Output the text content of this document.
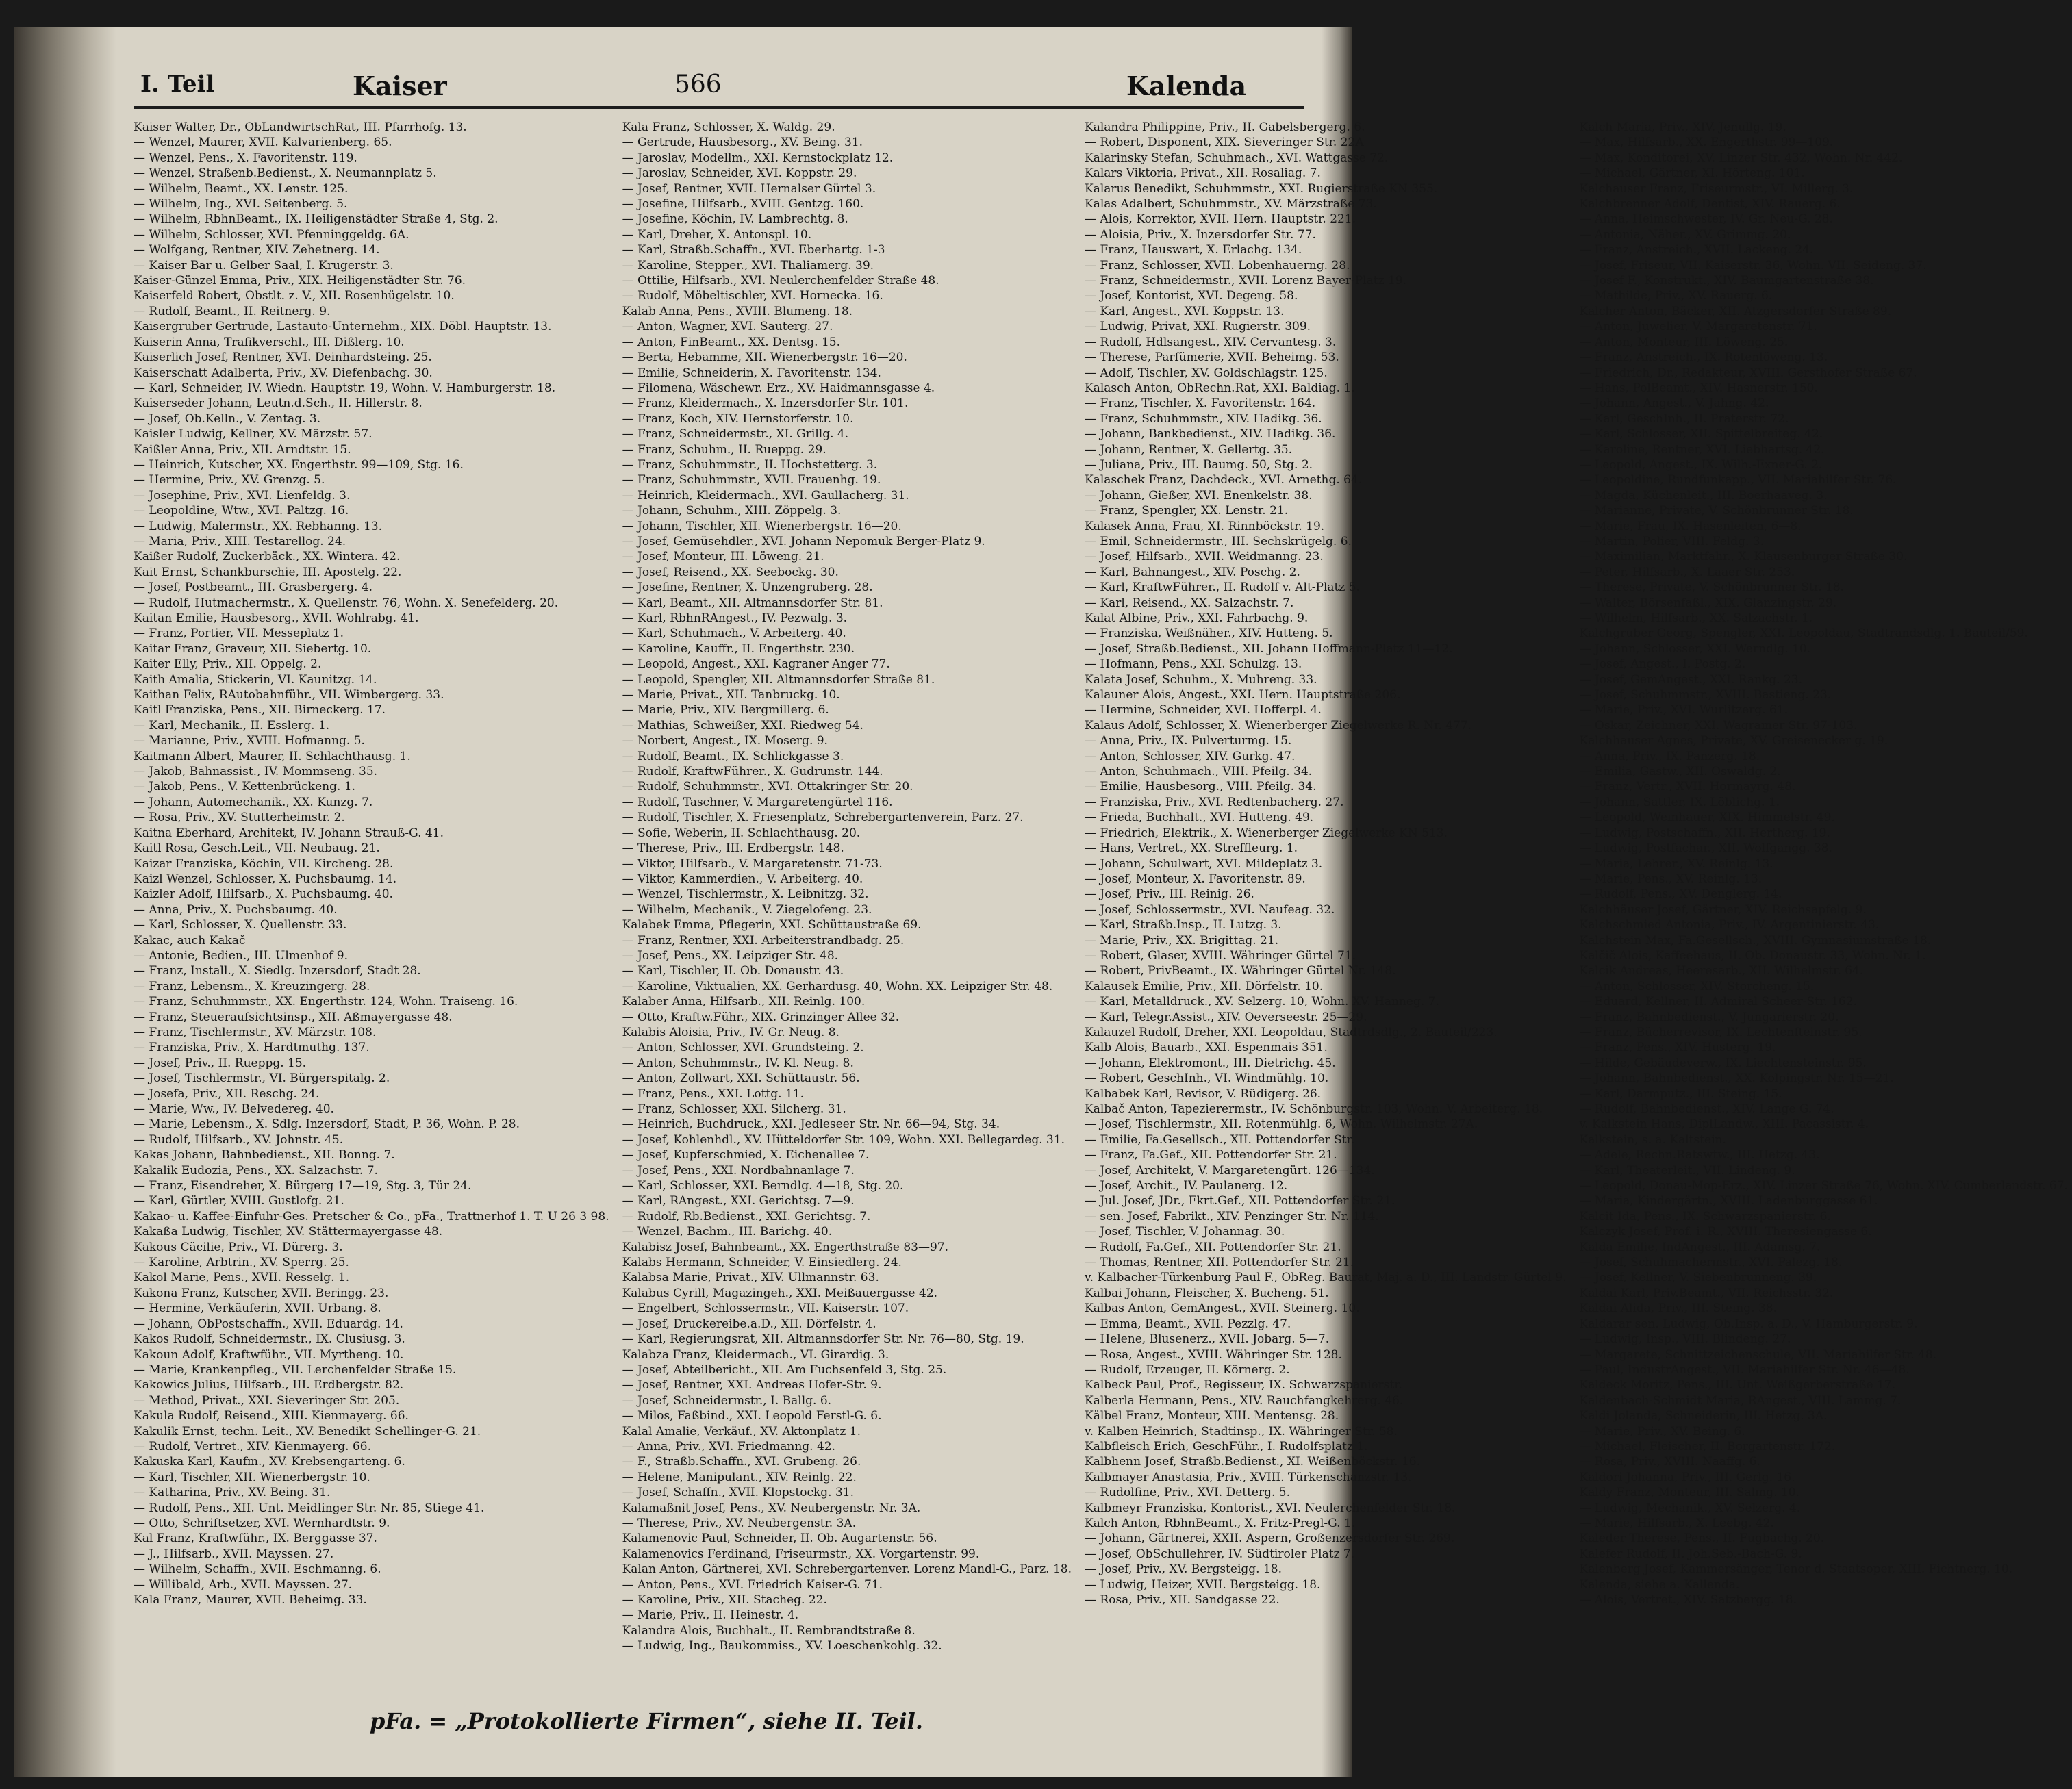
I. Teil	Kaiser	566	Kalenda
Kaiser Walter, Dr., ObLandwirtschRat, III. Pfarrhofg. 13.
— Wenzel, Maurer, XVII. Kalvarienberg. 65.
— Wenzel, Pens., X. Favoritenstr. 119.
— Wenzel, Straßenb.Bedienst., X. Neumannplatz 5.
— Wilhelm, Beamt., XX. Lenstr. 125.
— Wilhelm, Ing., XVI. Seitenberg. 5.
— Wilhelm, RbhnBeamt., IX. Heiligenstädter Straße 4, Stg. 2.
— Wilhelm, Schlosser, XVI. Pfenninggeldg. 6A.
— Wolfgang, Rentner, XIV. Zehetnerg. 14.
— Kaiser Bar u. Gelber Saal, I. Krugerstr. 3.
Kaiser-Günzel Emma, Priv., XIX. Heiligenstädter Str. 76.
Kaiserfeld Robert, Obstlt. z. V., XII. Rosenhügelstr. 10.
— Rudolf, Beamt., II. Reitnerg. 9.
Kaisergruber Gertrude, Lastauto-Unternehm., XIX. Döbl. Hauptstr. 13.
Kaiserin Anna, Trafikverschl., III. Dißlerg. 10.
Kaiserlich Josef, Rentner, XVI. Deinhardsteing. 25.
Kaiserschatt Adalberta, Priv., XV. Diefenbachg. 30.
— Karl, Schneider, IV. Wiedn. Hauptstr. 19, Wohn. V. Hamburgerstr. 18.
Kaiserseder Johann, Leutn.d.Sch., II. Hillerstr. 8.
— Josef, Ob.Kelln., V. Zentag. 3.
Kaisler Ludwig, Kellner, XV. Märzstr. 57.
Kaißler Anna, Priv., XII. Arndtstr. 15.
— Heinrich, Kutscher, XX. Engerthstr. 99—109, Stg. 16.
— Hermine, Priv., XV. Grenzg. 5.
— Josephine, Priv., XVI. Lienfeldg. 3.
— Leopoldine, Wtw., XVI. Paltzg. 16.
— Ludwig, Malermstr., XX. Rebhanng. 13.
— Maria, Priv., XIII. Testarellog. 24.
Kaißer Rudolf, Zuckerbäck., XX. Wintera. 42.
Kait Ernst, Schankburschie, III. Apostelg. 22.
— Josef, Postbeamt., III. Grasbergerg. 4.
— Rudolf, Hutmachermstr., X. Quellenstr. 76, Wohn. X. Senefelderg. 20.
Kaitan Emilie, Hausbesorg., XVII. Wohlrabg. 41.
— Franz, Portier, VII. Messeplatz 1.
Kaitar Franz, Graveur, XII. Siebertg. 10.
Kaiter Elly, Priv., XII. Oppelg. 2.
Kaith Amalia, Stickerin, VI. Kaunitzg. 14.
Kaithan Felix, RAutobahnführ., VII. Wimbergerg. 33.
Kaitl Franziska, Pens., XII. Birneckerg. 17.
— Karl, Mechanik., II. Esslerg. 1.
— Marianne, Priv., XVIII. Hofmanng. 5.
Kaitmann Albert, Maurer, II. Schlachthausg. 1.
— Jakob, Bahnassist., IV. Mommseng. 35.
— Jakob, Pens., V. Kettenbrückeng. 1.
— Johann, Automechanik., XX. Kunzg. 7.
— Rosa, Priv., XV. Stutterheimstr. 2.
Kaitna Eberhard, Architekt, IV. Johann Strauß-G. 41.
Kaitl Rosa, Gesch.Leit., VII. Neubaug. 21.
Kaizar Franziska, Köchin, VII. Kircheng. 28.
Kaizl Wenzel, Schlosser, X. Puchsbaumg. 14.
Kaizler Adolf, Hilfsarb., X. Puchsbaumg. 40.
— Anna, Priv., X. Puchsbaumg. 40.
— Karl, Schlosser, X. Quellenstr. 33.
Kakac, auch Kakač
— Antonie, Bedien., III. Ulmenhof 9.
— Franz, Install., X. Siedlg. Inzersdorf, Stadt 28.
— Franz, Lebensm., X. Kreuzingerg. 28.
— Franz, Schuhmmstr., XX. Engerthstr. 124, Wohn. Traiseng. 16.
— Franz, Steueraufsichtsinsp., XII. Aßmayergasse 48.
— Franz, Tischlermstr., XV. Märzstr. 108.
— Franziska, Priv., X. Hardtmuthg. 137.
— Josef, Priv., II. Rueppg. 15.
— Josef, Tischlermstr., VI. Bürgerspitalg. 2.
— Josefa, Priv., XII. Reschg. 24.
— Marie, Ww., IV. Belvedereg. 40.
— Marie, Lebensm., X. Sdlg. Inzersdorf, Stadt, P. 36, Wohn. P. 28.
— Rudolf, Hilfsarb., XV. Johnstr. 45.
Kakas Johann, Bahnbedienst., XII. Bonng. 7.
Kakalik Eudozia, Pens., XX. Salzachstr. 7.
— Franz, Eisendreher, X. Bürgerg 17—19, Stg. 3, Tür 24.
— Karl, Gürtler, XVIII. Gustlofg. 21.
Kakao- u. Kaffee-Einfuhr-Ges. Pretscher & Co., pFa., Trattnerhof 1. T. U 26 3 98.
Kakaßa Ludwig, Tischler, XV. Stättermayergasse 48.
Kakous Cäcilie, Priv., VI. Dürerg. 3.
— Karoline, Arbtrin., XV. Sperrg. 25.
Kakol Marie, Pens., XVII. Resselg. 1.
Kakona Franz, Kutscher, XVII. Beringg. 23.
— Hermine, Verkäuferin, XVII. Urbang. 8.
— Johann, ObPostschaffn., XVII. Eduardg. 14.
Kakos Rudolf, Schneidermstr., IX. Clusiusg. 3.
Kakoun Adolf, Kraftwführ., VII. Myrtheng. 10.
— Marie, Krankenpfleg., VII. Lerchenfelder Straße 15.
Kakowics Julius, Hilfsarb., III. Erdbergstr. 82.
— Method, Privat., XXI. Sieveringer Str. 205.
Kakula Rudolf, Reisend., XIII. Kienmayerg. 66.
Kakulik Ernst, techn. Leit., XV. Benedikt Schellinger-G. 21.
— Rudolf, Vertret., XIV. Kienmayerg. 66.
Kakuska Karl, Kaufm., XV. Krebsengarteng. 6.
— Karl, Tischler, XII. Wienerbergstr. 10.
— Katharina, Priv., XV. Being. 31.
— Rudolf, Pens., XII. Unt. Meidlinger Str. Nr. 85, Stiege 41.
— Otto, Schriftsetzer, XVI. Wernhardtstr. 9.
Kal Franz, Kraftwführ., IX. Berggasse 37.
— J., Hilfsarb., XVII. Mayssen. 27.
— Wilhelm, Schaffn., XVII. Eschmanng. 6.
— Willibald, Arb., XVII. Mayssen. 27.
Kala Franz, Maurer, XVII. Beheimg. 33.
Kala Franz, Schlosser, X. Waldg. 29.
— Gertrude, Hausbesorg., XV. Being. 31.
— Jaroslav, Modellm., XXI. Kernstockplatz 12.
— Jaroslav, Schneider, XVI. Koppstr. 29.
— Josef, Rentner, XVII. Hernalser Gürtel 3.
— Josefine, Hilfsarb., XVIII. Gentzg. 160.
— Josefine, Köchin, IV. Lambrechtg. 8.
— Karl, Dreher, X. Antonspl. 10.
— Karl, Straßb.Schaffn., XVI. Eberhartg. 1-3
— Karoline, Stepper., XVI. Thaliamerg. 39.
— Ottilie, Hilfsarb., XVI. Neulerchenfelder Straße 48.
— Rudolf, Möbeltischler, XVI. Hornecka. 16.
Kalab Anna, Pens., XVIII. Blumeng. 18.
— Anton, Wagner, XVI. Sauterg. 27.
— Anton, FinBeamt., XX. Dentsg. 15.
— Berta, Hebamme, XII. Wienerbergstr. 16—20.
— Emilie, Schneiderin, X. Favoritenstr. 134.
— Filomena, Wäschewr. Erz., XV. Haidmannsgasse 4.
— Franz, Kleidermach., X. Inzersdorfer Str. 101.
— Franz, Koch, XIV. Hernstorferstr. 10.
— Franz, Schneidermstr., XI. Grillg. 4.
— Franz, Schuhm., II. Rueppg. 29.
— Franz, Schuhmmstr., II. Hochstetterg. 3.
— Franz, Schuhmmstr., XVII. Frauenhg. 19.
— Heinrich, Kleidermach., XVI. Gaullacherg. 31.
— Johann, Schuhm., XIII. Zöppelg. 3.
— Johann, Tischler, XII. Wienerbergstr. 16—20.
— Josef, Gemüsehdler., XVI. Johann Nepomuk Berger-Platz 9.
— Josef, Monteur, III. Löweng. 21.
— Josef, Reisend., XX. Seebockg. 30.
— Josefine, Rentner, X. Unzengruberg. 28.
— Karl, Beamt., XII. Altmannsdorfer Str. 81.
— Karl, RbhnRAngest., IV. Pezwalg. 3.
— Karl, Schuhmach., V. Arbeiterg. 40.
— Karoline, Kauffr., II. Engerthstr. 230.
— Leopold, Angest., XXI. Kagraner Anger 77.
— Leopold, Spengler, XII. Altmannsdorfer Straße 81.
— Marie, Privat., XII. Tanbruckg. 10.
— Marie, Priv., XIV. Bergmillerg. 6.
— Mathias, Schweißer, XXI. Riedweg 54.
— Norbert, Angest., IX. Moserg. 9.
— Rudolf, Beamt., IX. Schlickgasse 3.
— Rudolf, KraftwFührer., X. Gudrunstr. 144.
— Rudolf, Schuhmmstr., XVI. Ottakringer Str. 20.
— Rudolf, Taschner, V. Margaretengürtel 116.
— Rudolf, Tischler, X. Friesenplatz, Schrebergartenverein, Parz. 27.
— Sofie, Weberin, II. Schlachthausg. 20.
— Therese, Priv., III. Erdbergstr. 148.
— Viktor, Hilfsarb., V. Margaretenstr. 71-73.
— Viktor, Kammerdien., V. Arbeiterg. 40.
— Wenzel, Tischlermstr., X. Leibnitzg. 32.
— Wilhelm, Mechanik., V. Ziegelofeng. 23.
Kalabek Emma, Pflegerin, XXI. Schüttaustraße 69.
— Franz, Rentner, XXI. Arbeiterstrandbadg. 25.
— Josef, Pens., XX. Leipziger Str. 48.
— Karl, Tischler, II. Ob. Donaustr. 43.
— Karoline, Viktualien, XX. Gerhardusg. 40, Wohn. XX. Leipziger Str. 48.
Kalaber Anna, Hilfsarb., XII. Reinlg. 100.
— Otto, Kraftw.Führ., XIX. Grinzinger Allee 32.
Kalabis Aloisia, Priv., IV. Gr. Neug. 8.
— Anton, Schlosser, XVI. Grundsteing. 2.
— Anton, Schuhmmstr., IV. Kl. Neug. 8.
— Anton, Zollwart, XXI. Schüttaustr. 56.
— Franz, Pens., XXI. Lottg. 11.
— Franz, Schlosser, XXI. Silcherg. 31.
— Heinrich, Buchdruck., XXI. Jedleseer Str. Nr. 66—94, Stg. 34.
— Josef, Kohlenhdl., XV. Hütteldorfer Str. 109, Wohn. XXI. Bellegardeg. 31.
— Josef, Kupferschmied, X. Eichenallee 7.
— Josef, Pens., XXI. Nordbahnanlage 7.
— Karl, Schlosser, XXI. Berndlg. 4—18, Stg. 20.
— Karl, RAngest., XXI. Gerichtsg. 7—9.
— Rudolf, Rb.Bedienst., XXI. Gerichtsg. 7.
— Wenzel, Bachm., III. Barichg. 40.
Kalabisz Josef, Bahnbeamt., XX. Engerthstraße 83—97.
Kalabs Hermann, Schneider, V. Einsiedlerg. 24.
Kalabsa Marie, Privat., XIV. Ullmannstr. 63.
Kalabus Cyrill, Magazingeh., XXI. Meißauergasse 42.
— Engelbert, Schlossermstr., VII. Kaiserstr. 107.
— Josef, Druckereibe.a.D., XII. Dörfelstr. 4.
— Karl, Regierungsrat, XII. Altmannsdorfer Str. Nr. 76—80, Stg. 19.
Kalabza Franz, Kleidermach., VI. Girardig. 3.
— Josef, Abteilbericht., XII. Am Fuchsenfeld 3, Stg. 25.
— Josef, Rentner, XXI. Andreas Hofer-Str. 9.
— Josef, Schneidermstr., I. Ballg. 6.
— Milos, Faßbind., XXI. Leopold Ferstl-G. 6.
Kalal Amalie, Verkäuf., XV. Aktonplatz 1.
— Anna, Priv., XVI. Friedmanng. 42.
— F., Straßb.Schaffn., XVI. Grubeng. 26.
— Helene, Manipulant., XIV. Reinlg. 22.
— Josef, Schaffn., XVII. Klopstockg. 31.
Kalamaßnit Josef, Pens., XV. Neubergenstr. Nr. 3A.
— Therese, Priv., XV. Neubergenstr. 3A.
Kalamenovic Paul, Schneider, II. Ob. Augartenstr. 56.
Kalamenovics Ferdinand, Friseurmstr., XX. Vorgartenstr. 99.
Kalan Anton, Gärtnerei, XVI. Schrebergartenver. Lorenz Mandl-G., Parz. 18.
— Anton, Pens., XVI. Friedrich Kaiser-G. 71.
— Karoline, Priv., XII. Stacheg. 22.
— Marie, Priv., II. Heinestr. 4.
Kalandra Alois, Buchhalt., II. Rembrandtstraße 8.
— Ludwig, Ing., Baukommiss., XV. Loeschenkohlg. 32.
Kalandra Philippine, Priv., II. Gabelsbergerg. 6.
— Robert, Disponent, XIX. Sieveringer Str. 22A
Kalarinsky Stefan, Schuhmach., XVI. Wattgasse 72.
Kalars Viktoria, Privat., XII. Rosaliag. 7.
Kalarus Benedikt, Schuhmmstr., XXI. Rugierstraße KN 355.
Kalas Adalbert, Schuhmmstr., XV. Märzstraße 73.
— Alois, Korrektor, XVII. Hern. Hauptstr. 221.
— Aloisia, Priv., X. Inzersdorfer Str. 77.
— Franz, Hauswart, X. Erlachg. 134.
— Franz, Schlosser, XVII. Lobenhauerng. 28.
— Franz, Schneidermstr., XVII. Lorenz Bayer-Platz 19.
— Josef, Kontorist, XVI. Degeng. 58.
— Karl, Angest., XVI. Koppstr. 13.
— Ludwig, Privat, XXI. Rugierstr. 309.
— Rudolf, Hdlsangest., XIV. Cervantesg. 3.
— Therese, Parfümerie, XVII. Beheimg. 53.
— Adolf, Tischler, XV. Goldschlagstr. 125.
Kalasch Anton, ObRechn.Rat, XXI. Baldiag. 1.
— Franz, Tischler, X. Favoritenstr. 164.
— Franz, Schuhmmstr., XIV. Hadikg. 36.
— Johann, Bankbedienst., XIV. Hadikg. 36.
— Johann, Rentner, X. Gellertg. 35.
— Juliana, Priv., III. Baumg. 50, Stg. 2.
Kalaschek Franz, Dachdeck., XVI. Arnethg. 64.
— Johann, Gießer, XVI. Enenkelstr. 38.
— Franz, Spengler, XX. Lenstr. 21.
Kalasek Anna, Frau, XI. Rinnböckstr. 19.
— Emil, Schneidermstr., III. Sechskrügelg. 6.
— Josef, Hilfsarb., XVII. Weidmanng. 23.
— Karl, Bahnangest., XIV. Poschg. 2.
— Karl, KraftwFührer., II. Rudolf v. Alt-Platz 5.
— Karl, Reisend., XX. Salzachstr. 7.
Kalat Albine, Priv., XXI. Fahrbachg. 9.
— Franziska, Weißnäher., XIV. Hutteng. 5.
— Josef, Straßb.Bedienst., XII. Johann Hoffmann-Platz 11—12.
— Hofmann, Pens., XXI. Schulzg. 13.
Kalata Josef, Schuhm., X. Muhreng. 33.
Kalauner Alois, Angest., XXI. Hern. Hauptstraße 206.
— Hermine, Schneider, XVI. Hofferpl. 4.
Kalaus Adolf, Schlosser, X. Wienerberger Ziegelwerke R. Nr. 477.
— Anna, Priv., IX. Pulverturmg. 15.
— Anton, Schlosser, XIV. Gurkg. 47.
— Anton, Schuhmach., VIII. Pfeilg. 34.
— Emilie, Hausbesorg., VIII. Pfeilg. 34.
— Franziska, Priv., XVI. Redtenbacherg. 27.
— Frieda, Buchhalt., XVI. Hutteng. 49.
— Friedrich, Elektrik., X. Wienerberger Ziegelwerke KN 513.
— Hans, Vertret., XX. Streffleurg. 1.
— Johann, Schulwart, XVI. Mildeplatz 3.
— Josef, Monteur, X. Favoritenstr. 89.
— Josef, Priv., III. Reinig. 26.
— Josef, Schlossermstr., XVI. Naufeag. 32.
— Karl, Straßb.Insp., II. Lutzg. 3.
— Marie, Priv., XX. Brigittag. 21.
— Robert, Glaser, XVIII. Währinger Gürtel 71.
— Robert, PrivBeamt., IX. Währinger Gürtel Nr. 148.
Kalausek Emilie, Priv., XII. Dörfelstr. 10.
— Karl, Metalldruck., XV. Selzerg. 10, Wohn. XV. Hanneg. 7.
— Karl, Telegr.Assist., XIV. Oeverseestr. 25—29.
Kalauzel Rudolf, Dreher, XXI. Leopoldau, Stadtrdsdlg., 2. Bauteil/223.
Kalb Alois, Bauarb., XXI. Espenmais 351.
— Johann, Elektromont., III. Dietrichg. 45.
— Robert, GeschInh., VI. Windmühlg. 10.
Kalbabek Karl, Revisor, V. Rüdigerg. 26.
Kalbač Anton, Tapezierermstr., IV. Schönburgstr. 103, Wohn. V. Arbeiterg. 18.
— Josef, Tischlermstr., XII. Rotenmühlg. 6, Wohn. Wilhelmstr. 27A.
— Emilie, Fa.Gesellsch., XII. Pottendorfer Str.
— Franz, Fa.Gef., XII. Pottendorfer Str. 21.
— Josef, Architekt, V. Margaretengürt. 126—134.
— Josef, Archit., IV. Paulanerg. 12.
— Jul. Josef, JDr., Fkrt.Gef., XII. Pottendorfer Str. 21.
— sen. Josef, Fabrikt., XIV. Penzinger Str. Nr. 114.
— Josef, Tischler, V. Johannag. 30.
— Rudolf, Fa.Gef., XII. Pottendorfer Str. 21.
— Thomas, Rentner, XII. Pottendorfer Str. 21.
v. Kalbacher-Türkenburg Paul F., ObReg. Baurat, Maj. a. D., III. Landstr. Gürtel 9.
Kalbai Johann, Fleischer, X. Bucheng. 51.
Kalbas Anton, GemAngest., XVII. Steinerg. 10.
— Emma, Beamt., XVII. Pezzlg. 47.
— Helene, Blusenerz., XVII. Jobarg. 5—7.
— Rosa, Angest., XVIII. Währinger Str. 128.
— Rudolf, Erzeuger, II. Körnerg. 2.
Kalbeck Paul, Prof., Regisseur, IX. Schwarzspanierstr.
Kalberla Hermann, Pens., XIV. Rauchfangkehrerg. 46.
Kälbel Franz, Monteur, XIII. Mentensg. 28.
v. Kalben Heinrich, Stadtinsp., IX. Währinger Str. 58.
Kalbfleisch Erich, GeschFühr., I. Rudolfsplatz 1.
Kalbhenn Josef, Straßb.Bedienst., XI. Weißenböckstr. 16.
Kalbmayer Anastasia, Priv., XVIII. Türkenschanzstr. 13.
— Rudolfine, Priv., XVI. Detterg. 5.
Kalbmeyr Franziska, Kontorist., XVI. Neulerchenfelder Str. 18.
Kalch Anton, RbhnBeamt., X. Fritz-Pregl-G. 1.
— Johann, Gärtnerei, XXII. Aspern, Großenzersdorfer Str. 269.
— Josef, ObSchullehrer, IV. Südtiroler Platz 7.
— Josef, Priv., XV. Bergsteigg. 18.
— Ludwig, Heizer, XVII. Bergsteigg. 18.
— Rosa, Priv., XII. Sandgasse 22.
Kalch Maria, Priv., XIV. Jenullg. 19.
— Max, Hilfsarb., XX. Engerthstr. 99—109.
— Max, Konditorei, XV. Linzer Str. 432, Wohn. Nr. 442.
— Michael, Gärtner, XI. Hörteng. 101.
Kalchauser Franz, Friseurmstr., VI. Millerg. 3.
Kalchbrenner Adolf, Dentist, XIV. Rauerg. 6.
— Anna, Heimschwester, IV. Gr. Neu-G. 28.
— Antonia, Näher., XV. Grimmg. 20.
— Franz, Anstreich., XVII. Lackeng. 24.
— Josef, Friseur, VII. Kaiserstr. 36, Wohn. VII. Seideng. 37.
— Josef F., Konstrukt., XIV. Baumgartenstraße 38.
— Mathilde, Priv., XV. Rauerg. 6.
Kalcher Anton, Bäcker, XII. Atzgersdorfer Straße 89.
— Anton, Juwelier, V. Margaretenstr. 71.
— Anton, Monteur, III. Löweng. 25.
— Franz, Anstreich., IX. Rotenlöweng. 13.
— Friedrich, Dr., Redakteur, XVIII. Gersthofer Straße 67.
— Hans, PolBeamt., XIV. Hasnerstr. 150.
— Johann, Angest., V. Jahng. 42.
— Karl, GeschInh., II. Praterstr. 72.
— Karl, Schlosser, XII. Spittelbreiteg. 42.
— Karoline, Rentner, XVI. Liebhartsg. 42.
— Leopold, Angest., IX. Wilh.-Exner-G. 2.
— Leopoldine, Rundfunkapp., VII. Mariahilfer Str. 76.
— Magda, Küchenleit., III. Boerhaaveg. 3.
— Marianne, Private, V. Schönbrunner Str. 18.
— Marie, Frau, IX. Hasenleiten, 6—8.
— Martin, Polier, VIII. Feldg. 3.
— Maximilian, Marktfahr., X. Klausenburger Straße 30.
— Peter, Hilfsarb., X. Laaer Str. 253.
— Therese, Private, V. Schönbrunner Str. 18.
— Walter, Börsenfaßl., XIX. Glanzingstr. 29.
— Wilhelm, Hilfsarb., XX. Salzachstr. 1.
Kalchgruber Georg, Spengler, XXI. Leopoldau, Stadtrandsdlg. 1. Bauteil/59.
— Johann, Schlosser, XXI. Werndlg. 10.
— Josef, Angest., I. Postg. 2.
— Josef, GemAngest., XXI. Rankg. 23.
— Josef, Schuhmmstr., XVIII. Bastieng. 23.
— Marie, Priv., XVI. Wurlitzerg. 61.
— Oskar, Zeichner, XXI. Wagramer Str. 97-103.
Kalchhauser Agnes, Private, XV. Greisenecker g. 19.
— Anna, Priv., IX. Panzerg. 18.
— Emilia, Gastw., XII. Oswaldg. 2.
— Franz, Vertr., XVII. Hormayrg. 48.
— Johann, Sattler, IX. Löblichg. 1.
— Leopold, Weinhauer, XIX. Himmelstr. 49.
— Ludwig, Postschaffn., XII. Hertherg. 19.
— Ludwig, Postfachar., XII. Wolfgangg. 38.
— Maria, Lehrer., XV. Reinlg. 13.
— Marie, Pens., XV. Reinlg. 13.
— Rudolf, Pens., XV. Denglerg. 14.
Kalchhäuser Josef, Gärtner, XIV. Reichsapfelg. 9.
Kalchschmied Antonia, Priv., IV. Argentinierstr. 43.
Kalchstein Max, Fa.Gesellsch., XVIII. Gymnasiumstraße 18.
Kalčič Alois, Kaffeehaus, II. Ob. Donaustr. 33, Wohn. Nr. 1.
Kalcik Andreas, Heeresarb., XII. Wilhelmstr. 64.
— Anton, Schlosser, XIV. Storcheng. 15.
— Eduard, Kellner, II. Admiral Scheer-Str. 162.
— Franz, Bahnbedienst., V. Jungarierstr. 20.
— Franz, Bücherrevisor, IX. Lechtenfteinstr. 95.
— Franz, Pens., XIV. Husterg. 19.
— Hilde, Gebäudeverw., IX. Liechtensteinstr. 95.
— Johann, Bahnbedienst., XX. Kolpingstr. Nr. 15—21.
— Karl, Darmputz., III. Steing. 15.
— Rudolf, Bahnbedienst., XIV. Lange G. 74.
v. Kalkstein Hans, DiplLandw., XIII. Pacassistr. 4.
Kalkstein, s. a. Kaltstein.
— Adele, Rechn.Ratswtw., III. Hetzg. 43.
— Karl, Theaterleit., VII. Lindeng. 9.
— Leopold, Donau-Mop-Erz., XIV. Linzer Straße 76, Wohn. XIV. Cumberlandstr. 67.
— Maria, Kindergärtn., XVIII. Ladenburggasse 61.
Kalcit Ida, Pens., IX. Schwarzspanierstr. 6.
Kalczyk Josef, Prof. i. R., XVIII. Theresiengasse 6.
Kalda Emilie, IndAngest., III. Adamsg. 7.
— Josef, Schuhmachermstr., XVI. Palezg. 18.
— Josef, Kellner, V. Siebenbrunneng. 39.
Kaldai Karl, Priv.Beamt., VII. Reichsstr. 32.
Kaldai Alida, Priv., III. Steing. 38.
Kaldarar sen. Ludwig, Ob.Insp. a. D., V. Hamburgerstr. 9.
— Ludwig, Insp., VIII. Blindeng. 27.
— Margarete, Schnittzeichenschule, VII. Mariahilfer Str. 48.
— Paul, IndustrAngest., VII. Mariahilfer Str. Nr. 46—48.
Kaldeck Moritz, Pens., III. Unt. Weißgerberstraße 17.
Kaldenbach-Schmidt Maria, RAngest., VIII. Lammg. 7.
Kaldi Jolanda, Schneiderin, III. Hetzg. 3A.
— Marie, Priv., XV. Being. 6.
— Michael, Fleischer, II. Borgartenstr. 172.
— Rosa, Priv., XVIII. Naaffg. 6.
Kaldori Johanna, Priv., III. Gerlg. 16.
Kaldy Franz, Monteur, III. Salmg. 10.
— Ludwig, Mechanik., XV. Selzerg. 4.
— Marie, Hilfsarb., X. Leebg. 42.
Kaleder Therese, Pens., II. Fugbachg. 20.
Kalefer Rudolf, II. Joh.Seb.-Bach-G. 9.
Kalenberg Josef, Kammersänger, Tenor d. Staatsoper, XIII. Fichtnerg. 10.
Kalenda, siehe a. Kallenda.
— Alois, Vertret., XIV. Satzbergg. 18.
pFa. = „Protokollierte Firmen“, siehe II. Teil.
